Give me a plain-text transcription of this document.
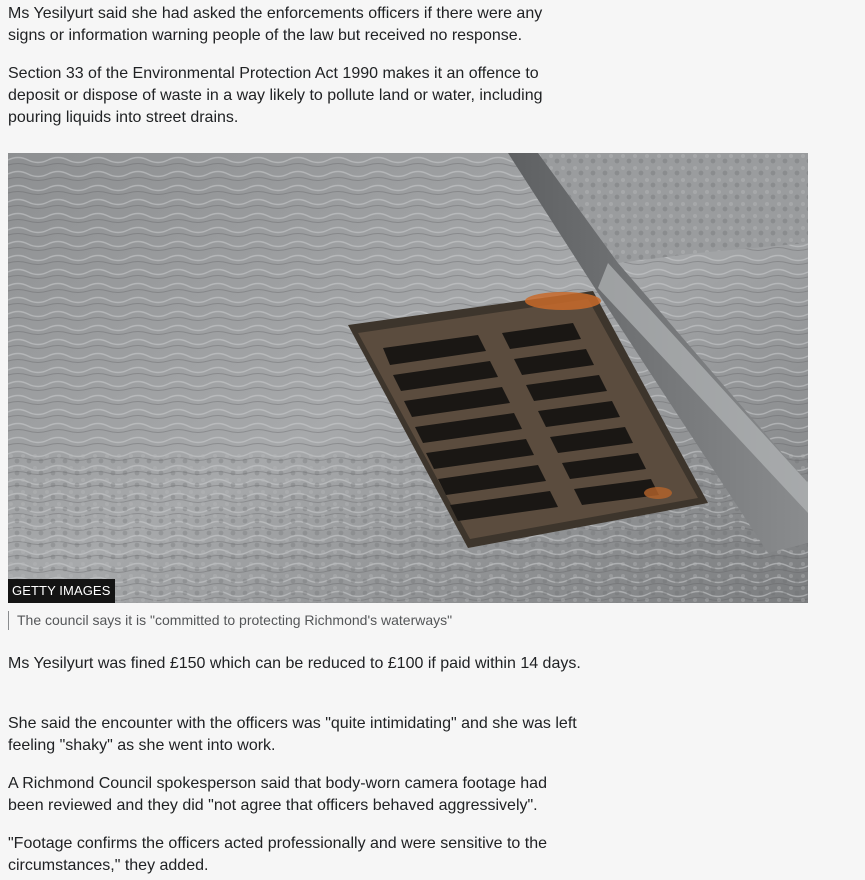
Ms Yesilyurt said she had asked the enforcements officers if there were any signs or information warning people of the law but received no response.

Section 33 of the Environmental Protection Act 1990 makes it an offence to deposit or dispose of waste in a way likely to pollute land or water, including pouring liquids into street drains.

GETTY IMAGES
The council says it is "committed to protecting Richmond's waterways"

Ms Yesilyurt was fined £150 which can be reduced to £100 if paid within 14 days.

She said the encounter with the officers was "quite intimidating" and she was left feeling "shaky" as she went into work.

A Richmond Council spokesperson said that body-worn camera footage had been reviewed and they did "not agree that officers behaved aggressively".

"Footage confirms the officers acted professionally and were sensitive to the circumstances," they added.
